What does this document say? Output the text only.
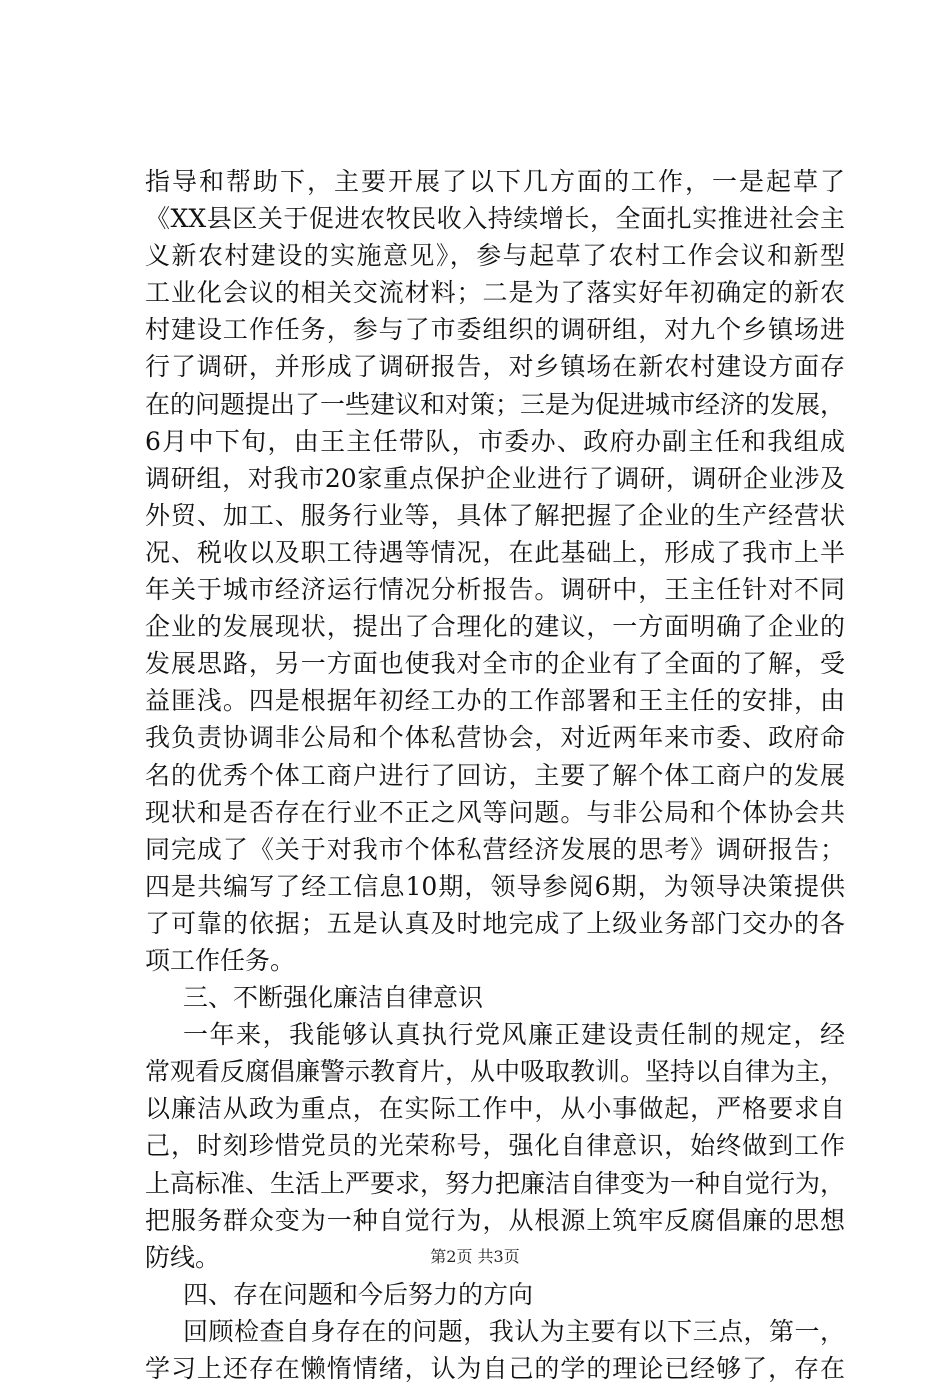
指导和帮助下，主要开展了以下几方面的工作，一是起草了
《XX县区关于促进农牧民收入持续增长，全面扎实推进社会主
义新农村建设的实施意见》，参与起草了农村工作会议和新型
工业化会议的相关交流材料；二是为了落实好年初确定的新农
村建设工作任务，参与了市委组织的调研组，对九个乡镇场进
行了调研，并形成了调研报告，对乡镇场在新农村建设方面存
在的问题提出了一些建议和对策；三是为促进城市经济的发展，
6月中下旬，由王主任带队，市委办、政府办副主任和我组成
调研组，对我市20家重点保护企业进行了调研，调研企业涉及
外贸、加工、服务行业等，具体了解把握了企业的生产经营状
况、税收以及职工待遇等情况，在此基础上，形成了我市上半
年关于城市经济运行情况分析报告。调研中，王主任针对不同
企业的发展现状，提出了合理化的建议，一方面明确了企业的
发展思路，另一方面也使我对全市的企业有了全面的了解，受
益匪浅。四是根据年初经工办的工作部署和王主任的安排，由
我负责协调非公局和个体私营协会，对近两年来市委、政府命
名的优秀个体工商户进行了回访，主要了解个体工商户的发展
现状和是否存在行业不正之风等问题。与非公局和个体协会共
同完成了《关于对我市个体私营经济发展的思考》调研报告；
四是共编写了经工信息10期，领导参阅6期，为领导决策提供
了可靠的依据；五是认真及时地完成了上级业务部门交办的各
项工作任务。
三、不断强化廉洁自律意识
一年来，我能够认真执行党风廉正建设责任制的规定，经
常观看反腐倡廉警示教育片，从中吸取教训。坚持以自律为主，
以廉洁从政为重点，在实际工作中，从小事做起，严格要求自
己，时刻珍惜党员的光荣称号，强化自律意识，始终做到工作
上高标准、生活上严要求，努力把廉洁自律变为一种自觉行为，
把服务群众变为一种自觉行为，从根源上筑牢反腐倡廉的思想
防线。
四、存在问题和今后努力的方向
回顾检查自身存在的问题，我认为主要有以下三点，第一，
学习上还存在懒惰情绪，认为自己的学的理论已经够了，存在
第2页 共3页
